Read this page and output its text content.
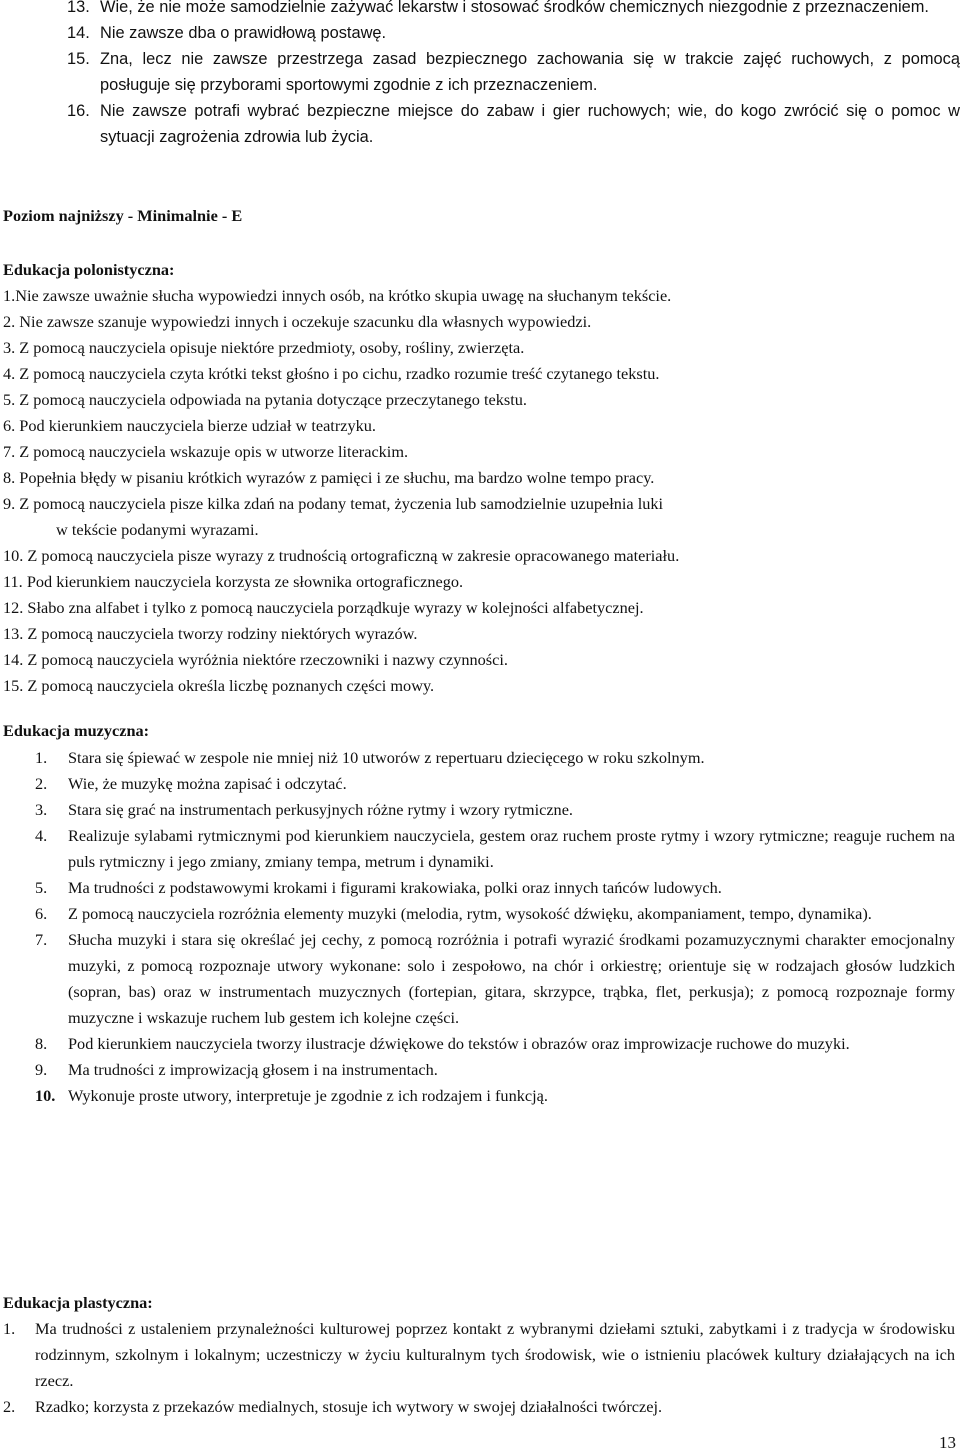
13. Wie, że nie może samodzielnie zażywać lekarstw i stosować środków chemicznych niezgodnie z przeznaczeniem.
14. Nie zawsze dba o prawidłową postawę.
15. Zna, lecz nie zawsze przestrzega zasad bezpiecznego zachowania się w trakcie zajęć ruchowych, z pomocą posługuje się przyborami sportowymi zgodnie z ich przeznaczeniem.
16. Nie zawsze potrafi wybrać bezpieczne miejsce do zabaw i gier ruchowych; wie, do kogo zwrócić się o pomoc w sytuacji zagrożenia zdrowia lub życia.
Poziom najniższy - Minimalnie - E
Edukacja polonistyczna:
1.Nie zawsze uważnie słucha wypowiedzi innych osób, na krótko skupia uwagę na słuchanym tekście.
2. Nie zawsze szanuje wypowiedzi innych i oczekuje szacunku dla własnych wypowiedzi.
3. Z pomocą nauczyciela opisuje niektóre przedmioty, osoby, rośliny, zwierzęta.
4. Z pomocą nauczyciela czyta krótki tekst głośno i po cichu, rzadko rozumie treść czytanego tekstu.
5. Z pomocą nauczyciela odpowiada na pytania dotyczące przeczytanego tekstu.
6. Pod kierunkiem nauczyciela bierze udział w teatrzyku.
7. Z pomocą nauczyciela wskazuje opis w utworze literackim.
8. Popełnia błędy w pisaniu krótkich wyrazów z pamięci i ze słuchu, ma bardzo wolne tempo pracy.
9. Z pomocą nauczyciela pisze kilka zdań na podany temat, życzenia lub samodzielnie uzupełnia luki
w tekście podanymi wyrazami.
10. Z pomocą nauczyciela pisze wyrazy z trudnością ortograficzną w zakresie opracowanego materiału.
11. Pod kierunkiem nauczyciela korzysta ze słownika ortograficznego.
12. Słabo zna alfabet i tylko z pomocą nauczyciela porządkuje wyrazy w kolejności alfabetycznej.
13. Z pomocą nauczyciela tworzy rodziny niektórych wyrazów.
14. Z pomocą nauczyciela wyróżnia niektóre rzeczowniki i nazwy czynności.
15. Z pomocą nauczyciela określa liczbę poznanych części mowy.
Edukacja muzyczna:
1.	Stara się śpiewać w zespole nie mniej niż 10 utworów z repertuaru dziecięcego w roku szkolnym.
2.	Wie, że muzykę można zapisać i odczytać.
3.	Stara się grać na instrumentach perkusyjnych różne rytmy i wzory rytmiczne.
4.	Realizuje sylabami rytmicznymi pod kierunkiem nauczyciela, gestem oraz ruchem proste rytmy i wzory rytmiczne; reaguje ruchem na puls rytmiczny i jego zmiany, zmiany tempa, metrum i dynamiki.
5.	Ma trudności z podstawowymi krokami i figurami krakowiaka, polki oraz innych tańców ludowych.
6.	Z pomocą nauczyciela rozróżnia elementy muzyki (melodia, rytm, wysokość dźwięku, akompaniament, tempo, dynamika).
7.	Słucha muzyki i stara się określać jej cechy, z pomocą rozróżnia i potrafi wyrazić środkami pozamuzycznymi charakter emocjonalny muzyki, z pomocą rozpoznaje utwory wykonane: solo i zespołowo, na chór i orkiestrę; orientuje się w rodzajach głosów ludzkich (sopran, bas) oraz w instrumentach muzycznych (fortepian, gitara, skrzypce, trąbka, flet, perkusja); z pomocą rozpoznaje formy muzyczne i wskazuje ruchem lub gestem ich kolejne części.
8.	Pod kierunkiem nauczyciela tworzy ilustracje dźwiękowe do tekstów i obrazów oraz improwizacje ruchowe do muzyki.
9.	Ma trudności z improwizacją głosem i na instrumentach.
10. Wykonuje proste utwory, interpretuje je zgodnie z ich rodzajem i funkcją.
Edukacja plastyczna:
1.	Ma trudności z ustaleniem przynależności kulturowej poprzez kontakt z wybranymi dziełami sztuki, zabytkami i z tradycja w środowisku rodzinnym, szkolnym i lokalnym; uczestniczy w życiu kulturalnym tych środowisk, wie o istnieniu placówek kultury działających na ich rzecz.
2.	Rzadko; korzysta z przekazów medialnych, stosuje ich wytwory w swojej działalności twórczej.
13
